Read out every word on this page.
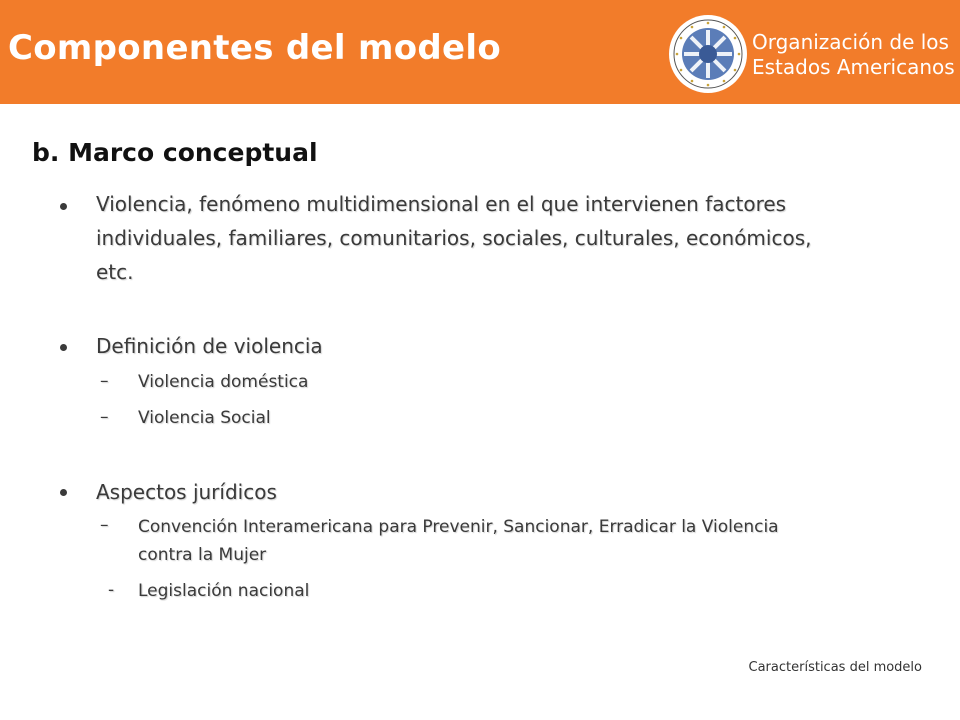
Componentes del modelo	Organización de los
Estados Americanos
b. Marco conceptual
Violencia, fenómeno multidimensional en el que intervienen factores
individuales, familiares, comunitarios, sociales, culturales, económicos,
etc.
Definición de violencia
– Violencia doméstica
– Violencia Social
Aspectos jurídicos
– Convención Interamericana para Prevenir, Sancionar, Erradicar la Violencia
contra la Mujer
- Legislación nacional
Características del modelo
